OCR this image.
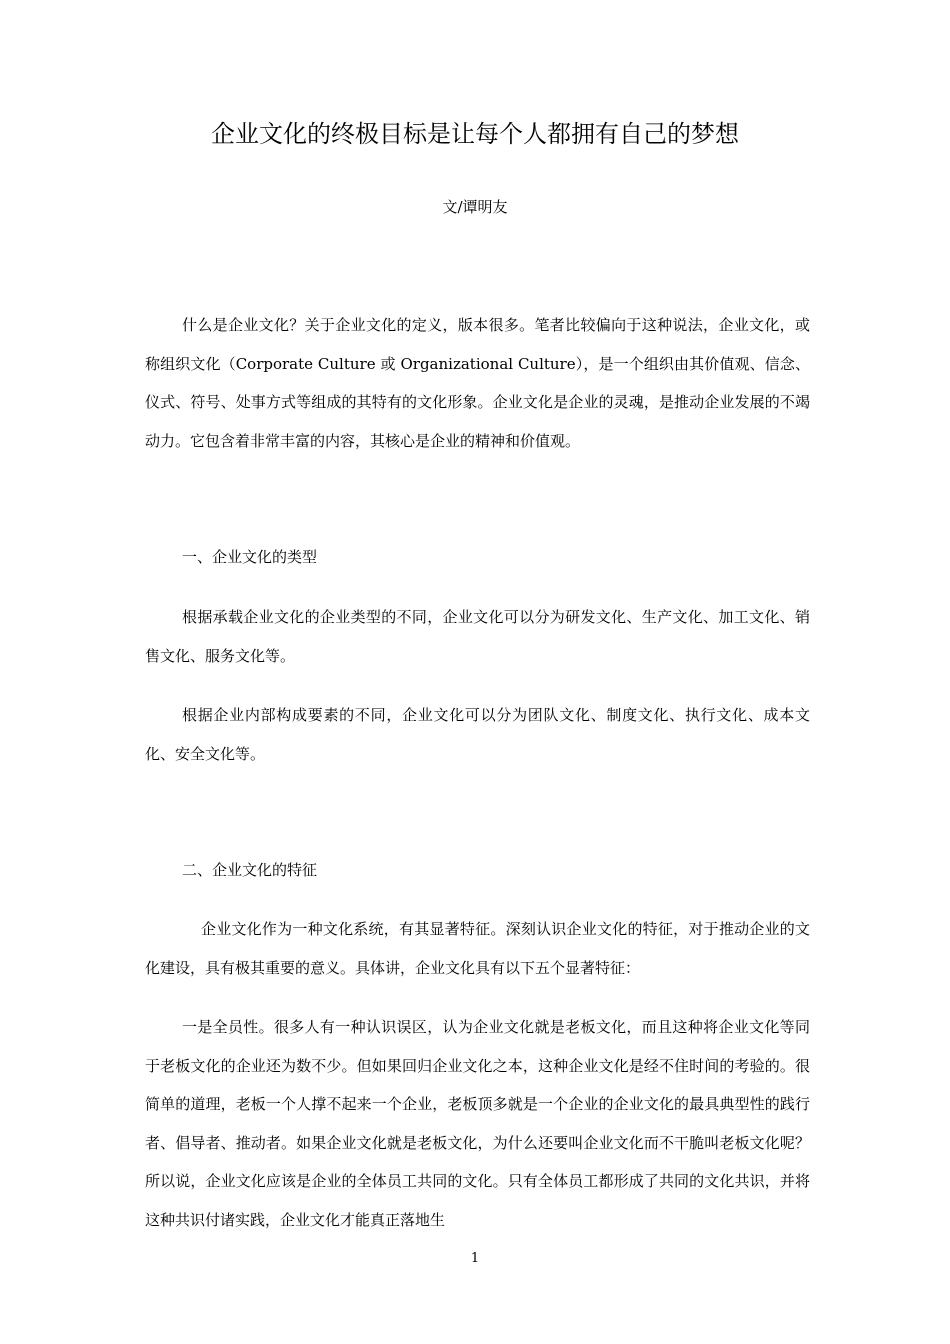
企业文化的终极目标是让每个人都拥有自己的梦想
文/谭明友

什么是企业文化？关于企业文化的定义，版本很多。笔者比较偏向于这种说法，企业文化，或称组织文化（Corporate Culture 或 Organizational Culture），是一个组织由其价值观、信念、仪式、符号、处事方式等组成的其特有的文化形象。企业文化是企业的灵魂，是推动企业发展的不竭动力。它包含着非常丰富的内容，其核心是企业的精神和价值观。

一、企业文化的类型

根据承载企业文化的企业类型的不同，企业文化可以分为研发文化、生产文化、加工文化、销售文化、服务文化等。

根据企业内部构成要素的不同，企业文化可以分为团队文化、制度文化、执行文化、成本文化、安全文化等。

二、企业文化的特征

企业文化作为一种文化系统，有其显著特征。深刻认识企业文化的特征，对于推动企业的文化建设，具有极其重要的意义。具体讲，企业文化具有以下五个显著特征：

一是全员性。很多人有一种认识误区，认为企业文化就是老板文化，而且这种将企业文化等同于老板文化的企业还为数不少。但如果回归企业文化之本，这种企业文化是经不住时间的考验的。很简单的道理，老板一个人撑不起来一个企业，老板顶多就是一个企业的企业文化的最具典型性的践行者、倡导者、推动者。如果企业文化就是老板文化，为什么还要叫企业文化而不干脆叫老板文化呢？所以说，企业文化应该是企业的全体员工共同的文化。只有全体员工都形成了共同的文化共识，并将这种共识付诸实践，企业文化才能真正落地生

1
